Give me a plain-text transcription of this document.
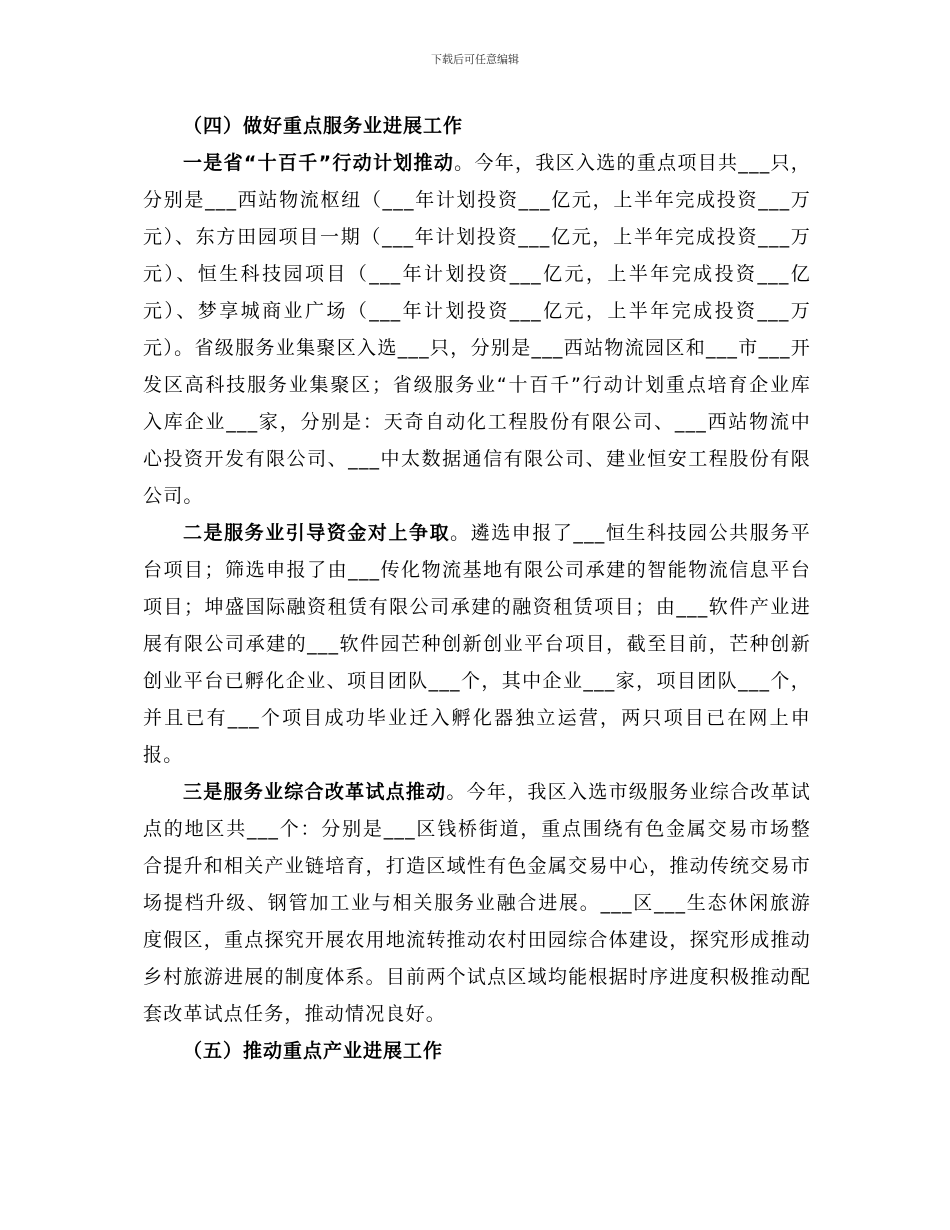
下载后可任意编辑
（四）做好重点服务业进展工作

一是省“十百千”行动计划推动。今年，我区入选的重点项目共___只，分别是___西站物流枢纽（___年计划投资___亿元，上半年完成投资___万元）、东方田园项目一期（___年计划投资___亿元，上半年完成投资___万元）、恒生科技园项目（___年计划投资___亿元，上半年完成投资___亿元）、梦享城商业广场（___年计划投资___亿元，上半年完成投资___万元）。省级服务业集聚区入选___只，分别是___西站物流园区和___市___开发区高科技服务业集聚区；省级服务业“十百千”行动计划重点培育企业库入库企业___家，分别是：天奇自动化工程股份有限公司、___西站物流中心投资开发有限公司、___中太数据通信有限公司、建业恒安工程股份有限公司。

二是服务业引导资金对上争取。遴选申报了___恒生科技园公共服务平台项目；筛选申报了由___传化物流基地有限公司承建的智能物流信息平台项目；坤盛国际融资租赁有限公司承建的融资租赁项目；由___软件产业进展有限公司承建的___软件园芒种创新创业平台项目，截至目前，芒种创新创业平台已孵化企业、项目团队___个，其中企业___家，项目团队___个，并且已有___个项目成功毕业迁入孵化器独立运营，两只项目已在网上申报。

三是服务业综合改革试点推动。今年，我区入选市级服务业综合改革试点的地区共___个：分别是___区钱桥街道，重点围绕有色金属交易市场整合提升和相关产业链培育，打造区域性有色金属交易中心，推动传统交易市场提档升级、钢管加工业与相关服务业融合进展。___区___生态休闲旅游度假区，重点探究开展农用地流转推动农村田园综合体建设，探究形成推动乡村旅游进展的制度体系。目前两个试点区域均能根据时序进度积极推动配套改革试点任务，推动情况良好。

（五）推动重点产业进展工作
